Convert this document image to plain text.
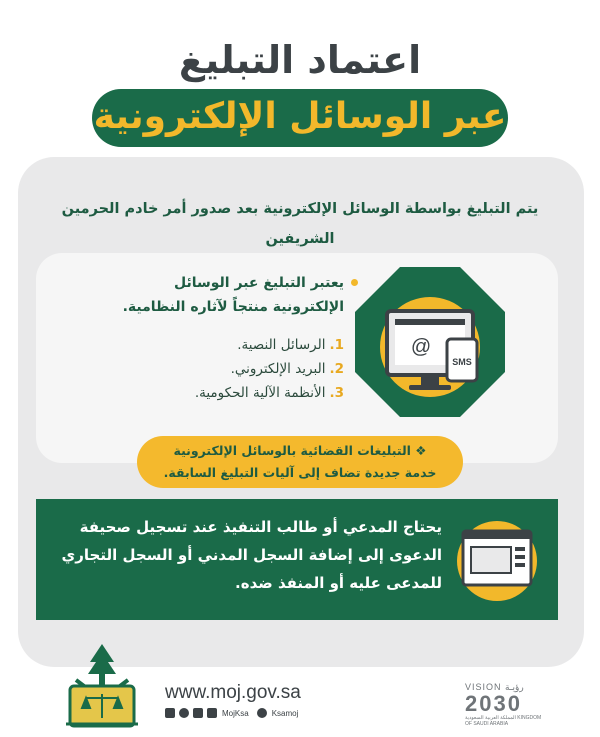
اعتماد التبليغ
عبر الوسائل الإلكترونية
يتم التبليغ بواسطة الوسائل الإلكترونية بعد صدور أمر خادم الحرمين الشريفين
SMS
@
يعتبر التبليغ عبر الوسائل
الإلكترونية منتجاً لآثاره النظامية.
1.الرسائل النصية.
2.البريد الإلكتروني.
3.الأنظمة الآلية الحكومية.
❖ التبليغات القضائية بالوسائل الإلكترونية
خدمة جديدة تضاف إلى آليات التبليغ السابقة.
يحتاج المدعي أو طالب التنفيذ عند تسجيل صحيفة
الدعوى إلى إضافة السجل المدني أو السجل التجاري
للمدعى عليه أو المنفذ ضده.
www.moj.gov.sa
MojKsa	Ksamoj
VISION رؤيـة
2030
المملكة العربية السعودية KINGDOM OF SAUDI ARABIA
